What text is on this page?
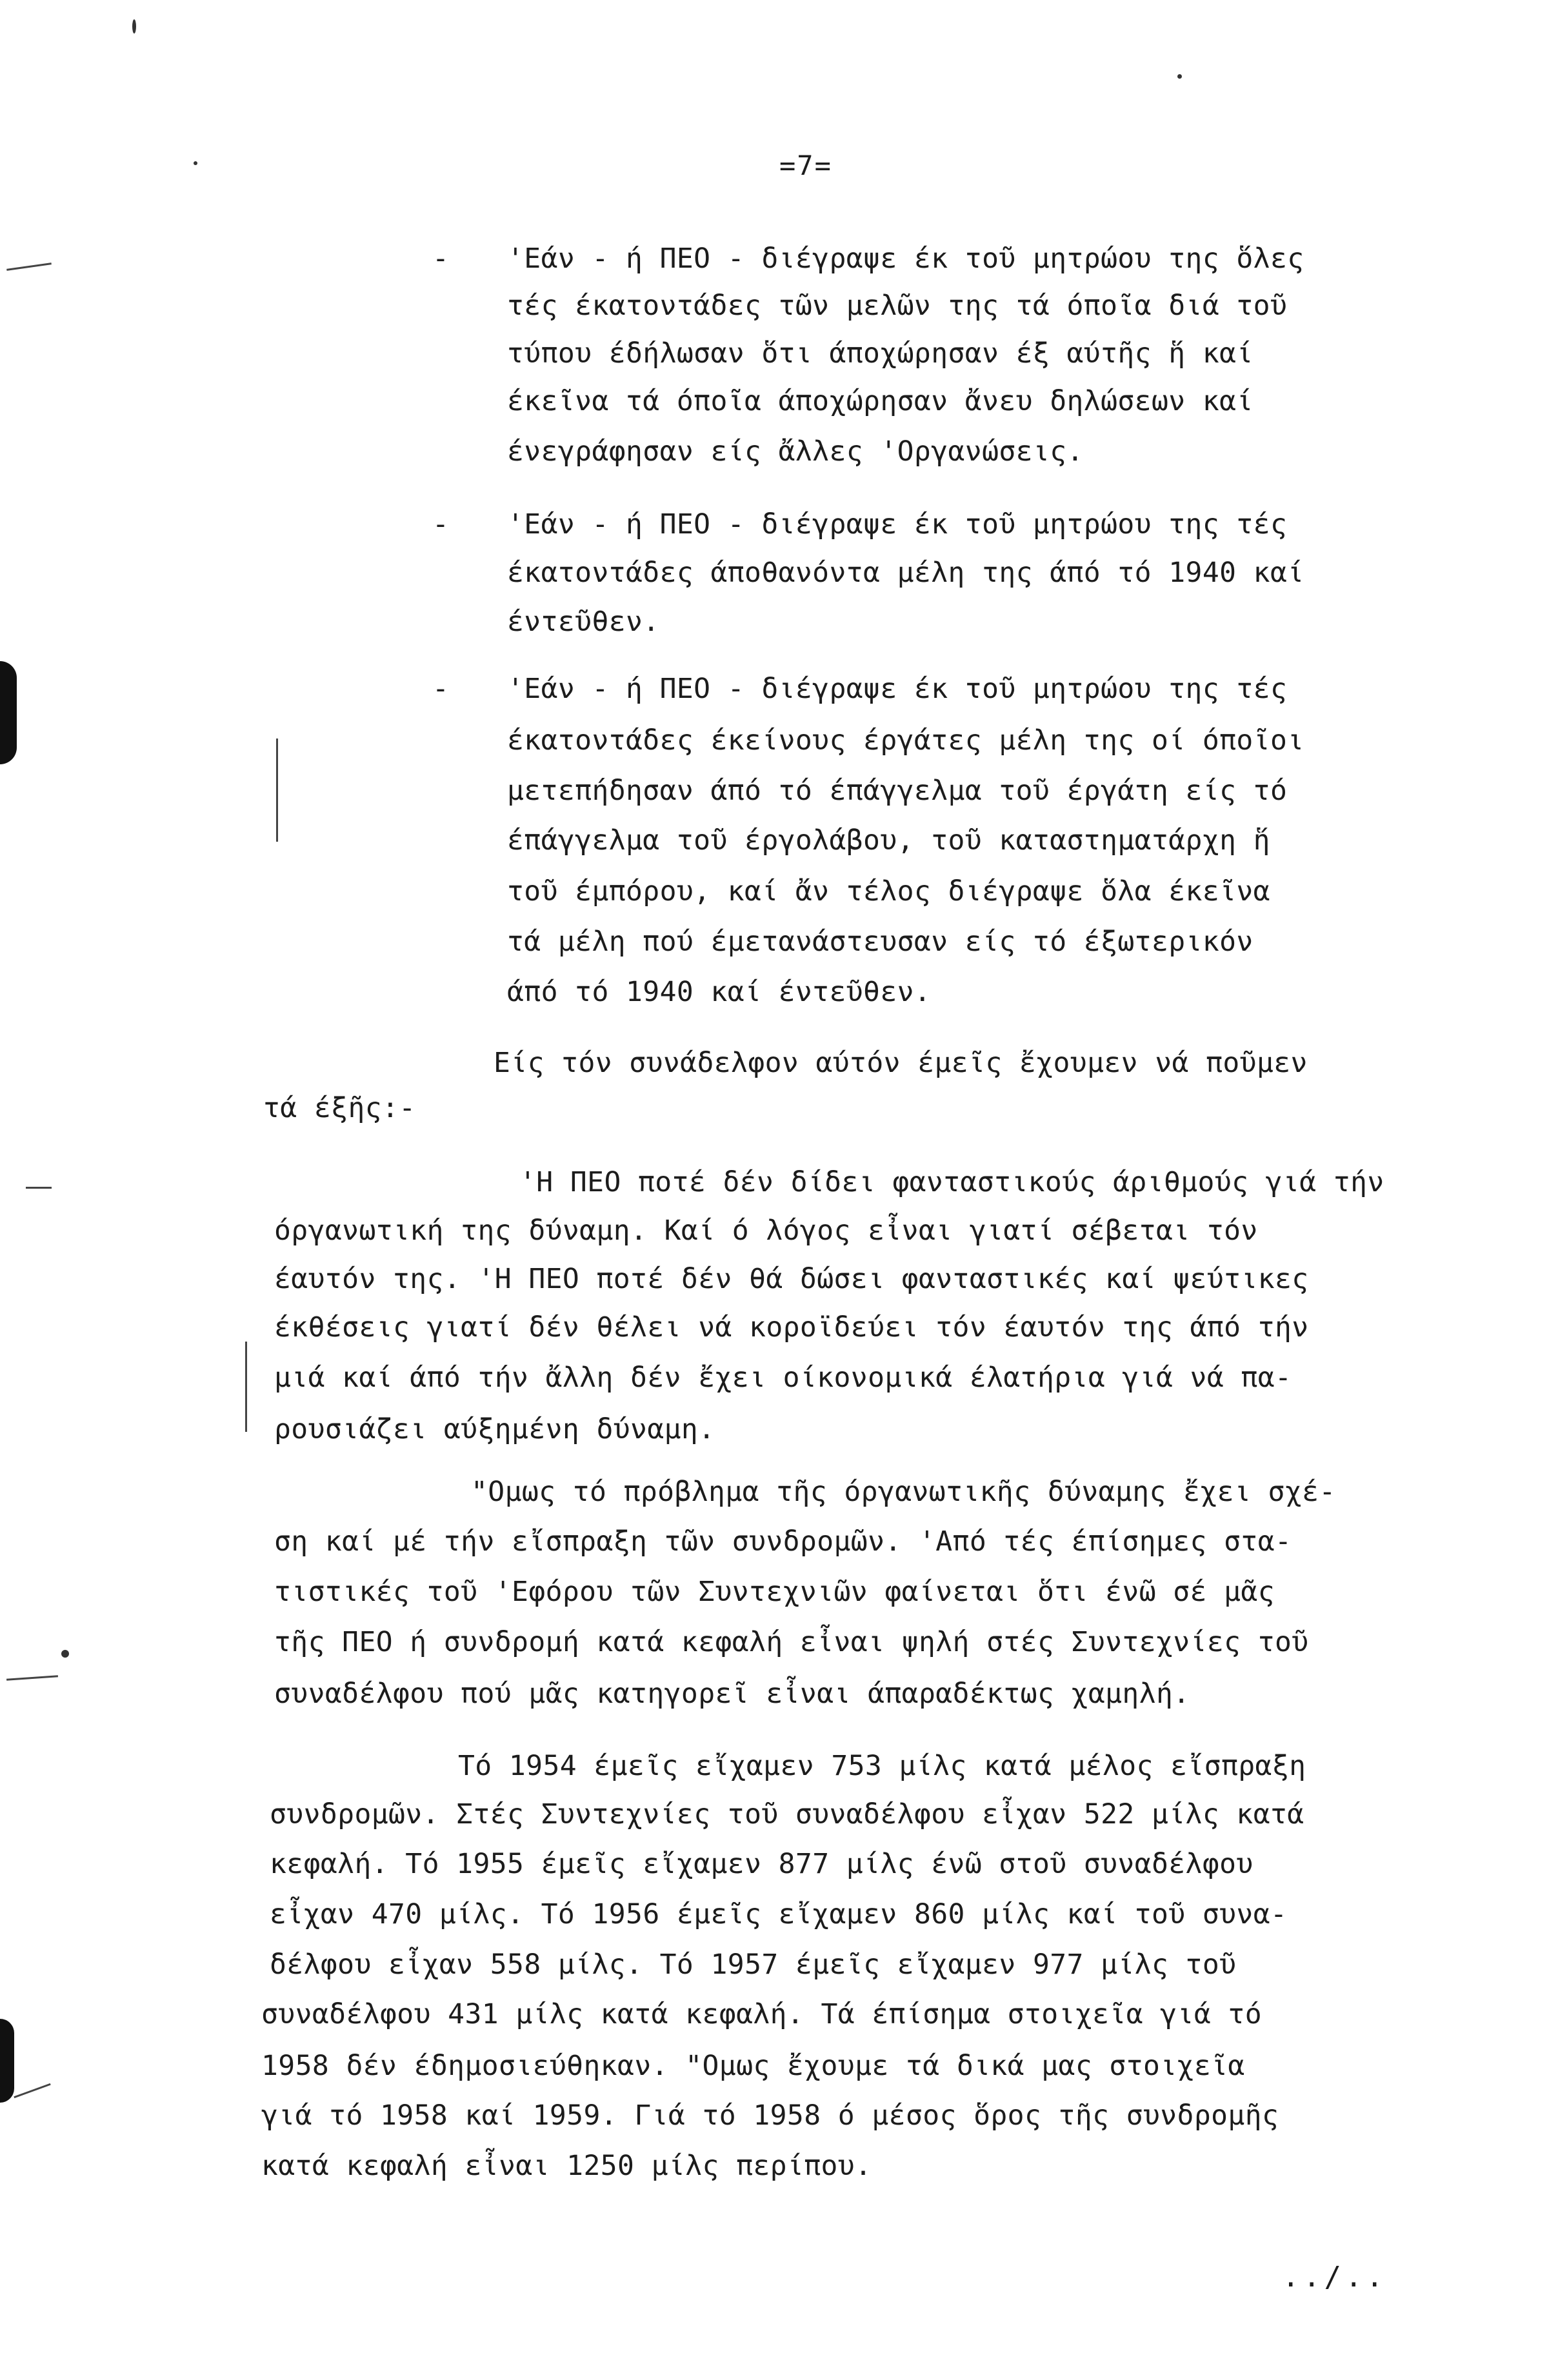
=7=
- 'Εάν - ή ΠΕΟ - διέγραψε έκ τοῦ μητρώου της ὅλες
τές έκατοντάδες τῶν μελῶν της τά όποῖα διά τοῦ
τύπου έδήλωσαν ὅτι άποχώρησαν έξ αύτῆς ἥ καί
έκεῖνα τά όποῖα άποχώρησαν ἄνευ δηλώσεων καί
ένεγράφησαν είς ἄλλες 'Οργανώσεις.
- 'Εάν - ή ΠΕΟ - διέγραψε έκ τοῦ μητρώου της τές
έκατοντάδες άποθανόντα μέλη της άπό τό 1940 καί
έντεῦθεν.
- 'Εάν - ή ΠΕΟ - διέγραψε έκ τοῦ μητρώου της τές
έκατοντάδες έκείνους έργάτες μέλη της οί όποῖοι
μετεπήδησαν άπό τό έπάγγελμα τοῦ έργάτη είς τό
έπάγγελμα τοῦ έργολάβου, τοῦ καταστηματάρχη ἥ
τοῦ έμπόρου, καί ἄν τέλος διέγραψε ὅλα έκεῖνα
τά μέλη πού έμετανάστευσαν είς τό έξωτερικόν
άπό τό 1940 καί έντεῦθεν.
Είς τόν συνάδελφον αύτόν έμεῖς ἔχουμεν νά ποῦμεν
τά έξῆς:-
'Η ΠΕΟ ποτέ δέν δίδει φανταστικούς άριθμούς γιά τήν
όργανωτική της δύναμη. Καί ό λόγος εἶναι γιατί σέβεται τόν
έαυτόν της. 'Η ΠΕΟ ποτέ δέν θά δώσει φανταστικές καί ψεύτικες
έκθέσεις γιατί δέν θέλει νά κοροϊδεύει τόν έαυτόν της άπό τήν
μιά καί άπό τήν ἄλλη δέν ἔχει οίκονομικά έλατήρια γιά νά πα-
ρουσιάζει αύξημένη δύναμη.
"Ομως τό πρόβλημα τῆς όργανωτικῆς δύναμης ἔχει σχέ-
ση καί μέ τήν εἴσπραξη τῶν συνδρομῶν. 'Από τές έπίσημες στα-
τιστικές τοῦ 'Εφόρου τῶν Συντεχνιῶν φαίνεται ὅτι ένῶ σέ μᾶς
τῆς ΠΕΟ ή συνδρομή κατά κεφαλή εἶναι ψηλή στές Συντεχνίες τοῦ
συναδέλφου πού μᾶς κατηγορεῖ εἶναι άπαραδέκτως χαμηλή.
Τό 1954 έμεῖς εἴχαμεν 753 μίλς κατά μέλος εἴσπραξη
συνδρομῶν. Στές Συντεχνίες τοῦ συναδέλφου εἶχαν 522 μίλς κατά
κεφαλή. Τό 1955 έμεῖς εἴχαμεν 877 μίλς ένῶ στοῦ συναδέλφου
εἶχαν 470 μίλς. Τό 1956 έμεῖς εἴχαμεν 860 μίλς καί τοῦ συνα-
δέλφου εἶχαν 558 μίλς. Τό 1957 έμεῖς εἴχαμεν 977 μίλς τοῦ
συναδέλφου 431 μίλς κατά κεφαλή. Τά έπίσημα στοιχεῖα γιά τό
1958 δέν έδημοσιεύθηκαν. "Ομως ἔχουμε τά δικά μας στοιχεῖα
γιά τό 1958 καί 1959. Γιά τό 1958 ό μέσος ὅρος τῆς συνδρομῆς
κατά κεφαλή εἶναι 1250 μίλς περίπου.
../..
